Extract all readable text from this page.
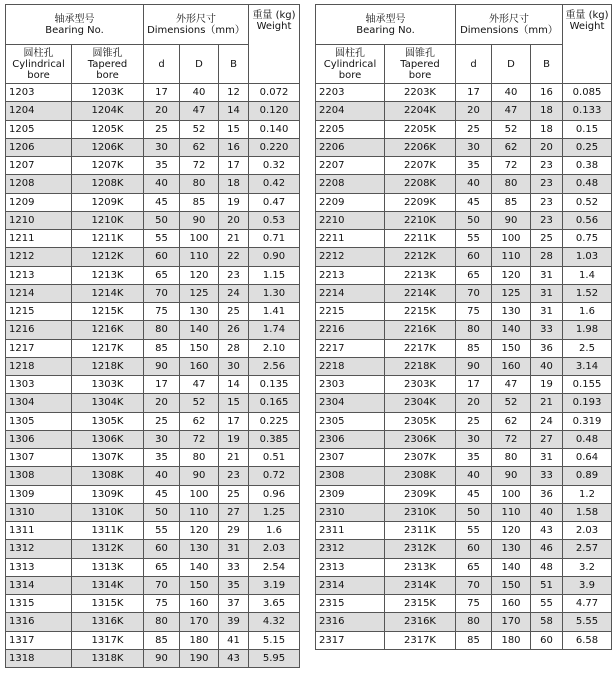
轴承型号
Bearing No.		外形尺寸
Dimensions（mm）			重量 (kg)
Weight
圆柱孔
Cylindrical
bore	圆锥孔
Tapered
bore	d	D	B	
1203	1203K	17	40	12	0.072
1204	1204K	20	47	14	0.120
1205	1205K	25	52	15	0.140
1206	1206K	30	62	16	0.220
1207	1207K	35	72	17	0.32
1208	1208K	40	80	18	0.42
1209	1209K	45	85	19	0.47
1210	1210K	50	90	20	0.53
1211	1211K	55	100	21	0.71
1212	1212K	60	110	22	0.90
1213	1213K	65	120	23	1.15
1214	1214K	70	125	24	1.30
1215	1215K	75	130	25	1.41
1216	1216K	80	140	26	1.74
1217	1217K	85	150	28	2.10
1218	1218K	90	160	30	2.56
1303	1303K	17	47	14	0.135
1304	1304K	20	52	15	0.165
1305	1305K	25	62	17	0.225
1306	1306K	30	72	19	0.385
1307	1307K	35	80	21	0.51
1308	1308K	40	90	23	0.72
1309	1309K	45	100	25	0.96
1310	1310K	50	110	27	1.25
1311	1311K	55	120	29	1.6
1312	1312K	60	130	31	2.03
1313	1313K	65	140	33	2.54
1314	1314K	70	150	35	3.19
1315	1315K	75	160	37	3.65
1316	1316K	80	170	39	4.32
1317	1317K	85	180	41	5.15
1318	1318K	90	190	43	5.95
轴承型号
Bearing No.		外形尺寸
Dimensions（mm）			重量 (kg)
Weight
圆柱孔
Cylindrical
bore	圆锥孔
Tapered
bore	d	D	B	
2203	2203K	17	40	16	0.085
2204	2204K	20	47	18	0.133
2205	2205K	25	52	18	0.15
2206	2206K	30	62	20	0.25
2207	2207K	35	72	23	0.38
2208	2208K	40	80	23	0.48
2209	2209K	45	85	23	0.52
2210	2210K	50	90	23	0.56
2211	2211K	55	100	25	0.75
2212	2212K	60	110	28	1.03
2213	2213K	65	120	31	1.4
2214	2214K	70	125	31	1.52
2215	2215K	75	130	31	1.6
2216	2216K	80	140	33	1.98
2217	2217K	85	150	36	2.5
2218	2218K	90	160	40	3.14
2303	2303K	17	47	19	0.155
2304	2304K	20	52	21	0.193
2305	2305K	25	62	24	0.319
2306	2306K	30	72	27	0.48
2307	2307K	35	80	31	0.64
2308	2308K	40	90	33	0.89
2309	2309K	45	100	36	1.2
2310	2310K	50	110	40	1.58
2311	2311K	55	120	43	2.03
2312	2312K	60	130	46	2.57
2313	2313K	65	140	48	3.2
2314	2314K	70	150	51	3.9
2315	2315K	75	160	55	4.77
2316	2316K	80	170	58	5.55
2317	2317K	85	180	60	6.58
